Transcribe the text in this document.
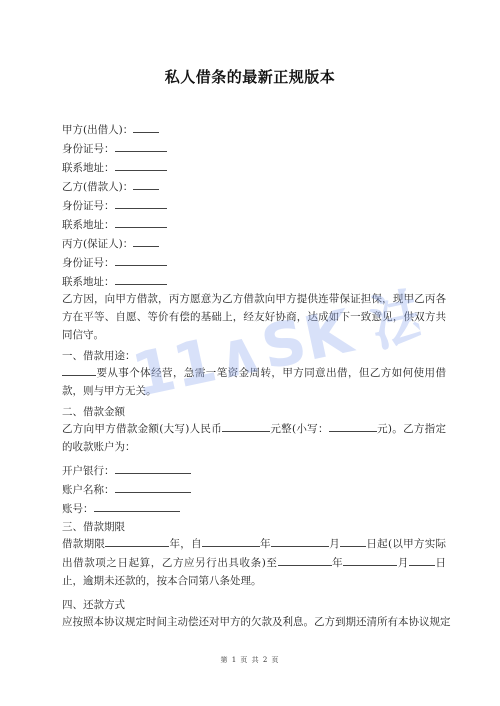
私人借条的最新正规版本
甲方(出借人)：
身份证号：
联系地址：
乙方(借款人)：
身份证号：
联系地址：
丙方(保证人)：
身份证号：
联系地址：
乙方因，向甲方借款，丙方愿意为乙方借款向甲方提供连带保证担保，现甲乙丙各方在平等、自愿、等价有偿的基础上，经友好协商，达成如下一致意见，供双方共同信守。
一、借款用途：
要从事个体经营，急需一笔资金周转，甲方同意出借，但乙方如何使用借款，则与甲方无关。
二、借款金额
乙方向甲方借款金额(大写)人民币	元整(小写：	元)。乙方指定的收款账户为：
开户银行：
账户名称：
账号：
三、借款期限
借款期限	年，自	年	月 日起(以甲方实际出借款项之日起算，乙方应另行出具收条)至	年	月 日止，逾期未还款的，按本合同第八条处理。
四、还款方式
应按照本协议规定时间主动偿还对甲方的欠款及利息。乙方到期还清所有本协议规定
11∧SK 法律
第 1 页 共 2 页
